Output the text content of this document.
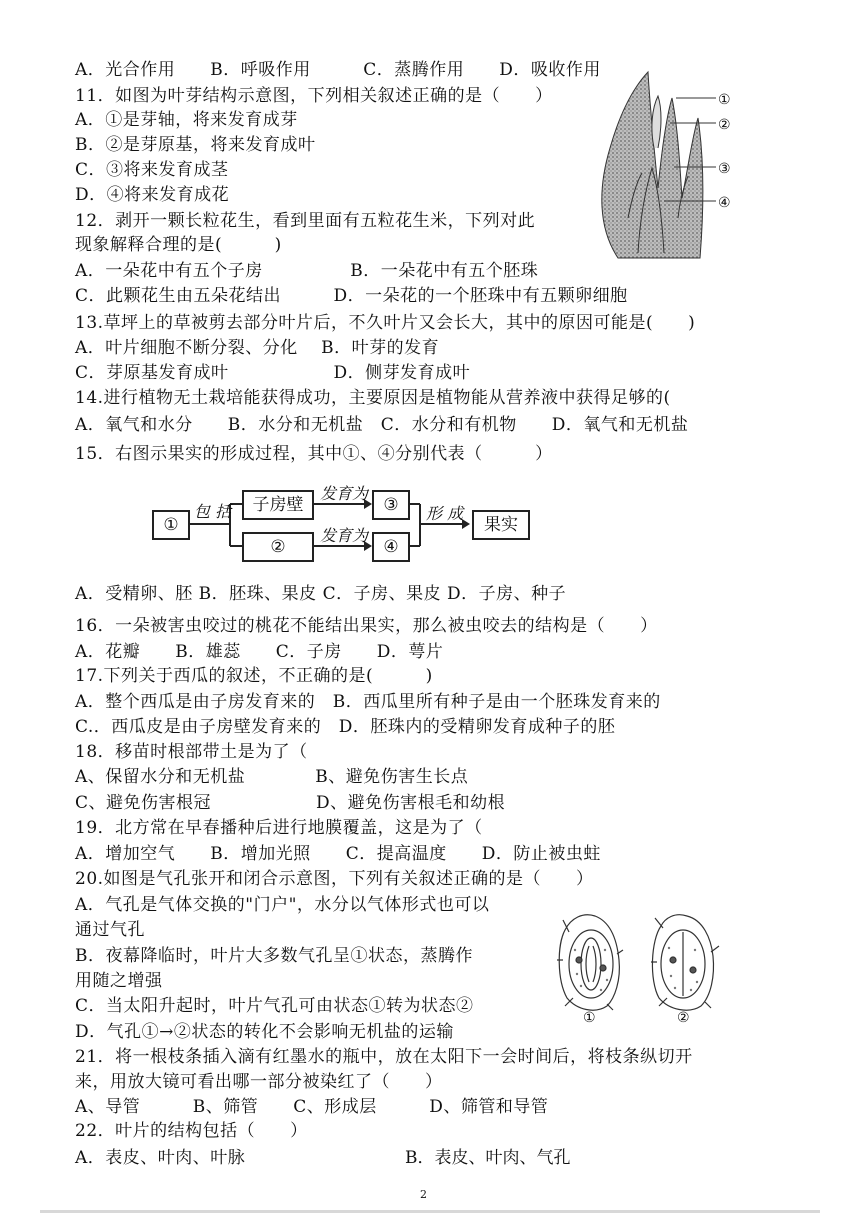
A．光合作用　　B．呼吸作用　　　C．蒸腾作用　　D．吸收作用
11．如图为叶芽结构示意图，下列相关叙述正确的是（　　）
A．①是芽轴，将来发育成芽
B．②是芽原基，将来发育成叶
C．③将来发育成茎
D．④将来发育成花
12．剥开一颗长粒花生，看到里面有五粒花生米，下列对此
现象解释合理的是(　　　)
A．一朵花中有五个子房　　　　　B．一朵花中有五个胚珠
C．此颗花生由五朵花结出　　　D．一朵花的一个胚珠中有五颗卵细胞
13.草坪上的草被剪去部分叶片后，不久叶片又会长大，其中的原因可能是(　　)
A．叶片细胞不断分裂、分化　 B．叶芽的发育
C．芽原基发育成叶　　　　　　D．侧芽发育成叶
14.进行植物无土栽培能获得成功，主要原因是植物能从营养液中获得足够的(
A．氧气和水分　　B．水分和无机盐　C．水分和有机物　　D．氧气和无机盐
15．右图示果实的形成过程，其中①、④分别代表（　　　）
A．受精卵、胚 B．胚珠、果皮 C．子房、果皮 D．子房、种子
16．一朵被害虫咬过的桃花不能结出果实，那么被虫咬去的结构是（　　）
A．花瓣　　B．雄蕊　　C．子房　　D．萼片
17.下列关于西瓜的叙述，不正确的是(　　　)
A．整个西瓜是由子房发育来的　B．西瓜里所有种子是由一个胚珠发育来的
C.．西瓜皮是由子房壁发育来的　D．胚珠内的受精卵发育成种子的胚
18．移苗时根部带土是为了（
A、保留水分和无机盐　　　　B、避免伤害生长点
C、避免伤害根冠　　　　　　D、避免伤害根毛和幼根
19．北方常在早春播种后进行地膜覆盖，这是为了（
A．增加空气　　B．增加光照　　C．提高温度　　D．防止被虫蛀
20.如图是气孔张开和闭合示意图，下列有关叙述正确的是（　　）
A．气孔是气体交换的"门户"，水分以气体形式也可以
通过气孔
B．夜幕降临时，叶片大多数气孔呈①状态，蒸腾作
用随之增强
C．当太阳升起时，叶片气孔可由状态①转为状态②
D．气孔①→②状态的转化不会影响无机盐的运输
21．将一根枝条插入滴有红墨水的瓶中，放在太阳下一会时间后，将枝条纵切开
来，用放大镜可看出哪一部分被染红了（　　）
A、导管　　　B、筛管　　C、形成层　　　D、筛管和导管
22．叶片的结构包括（　　）
A．表皮、叶肉、叶脉	B．表皮、叶肉、气孔
①
②
③
④
①
包 括	子房壁
②
发育为
发育为
③
④
形 成
果实
①	②
2
